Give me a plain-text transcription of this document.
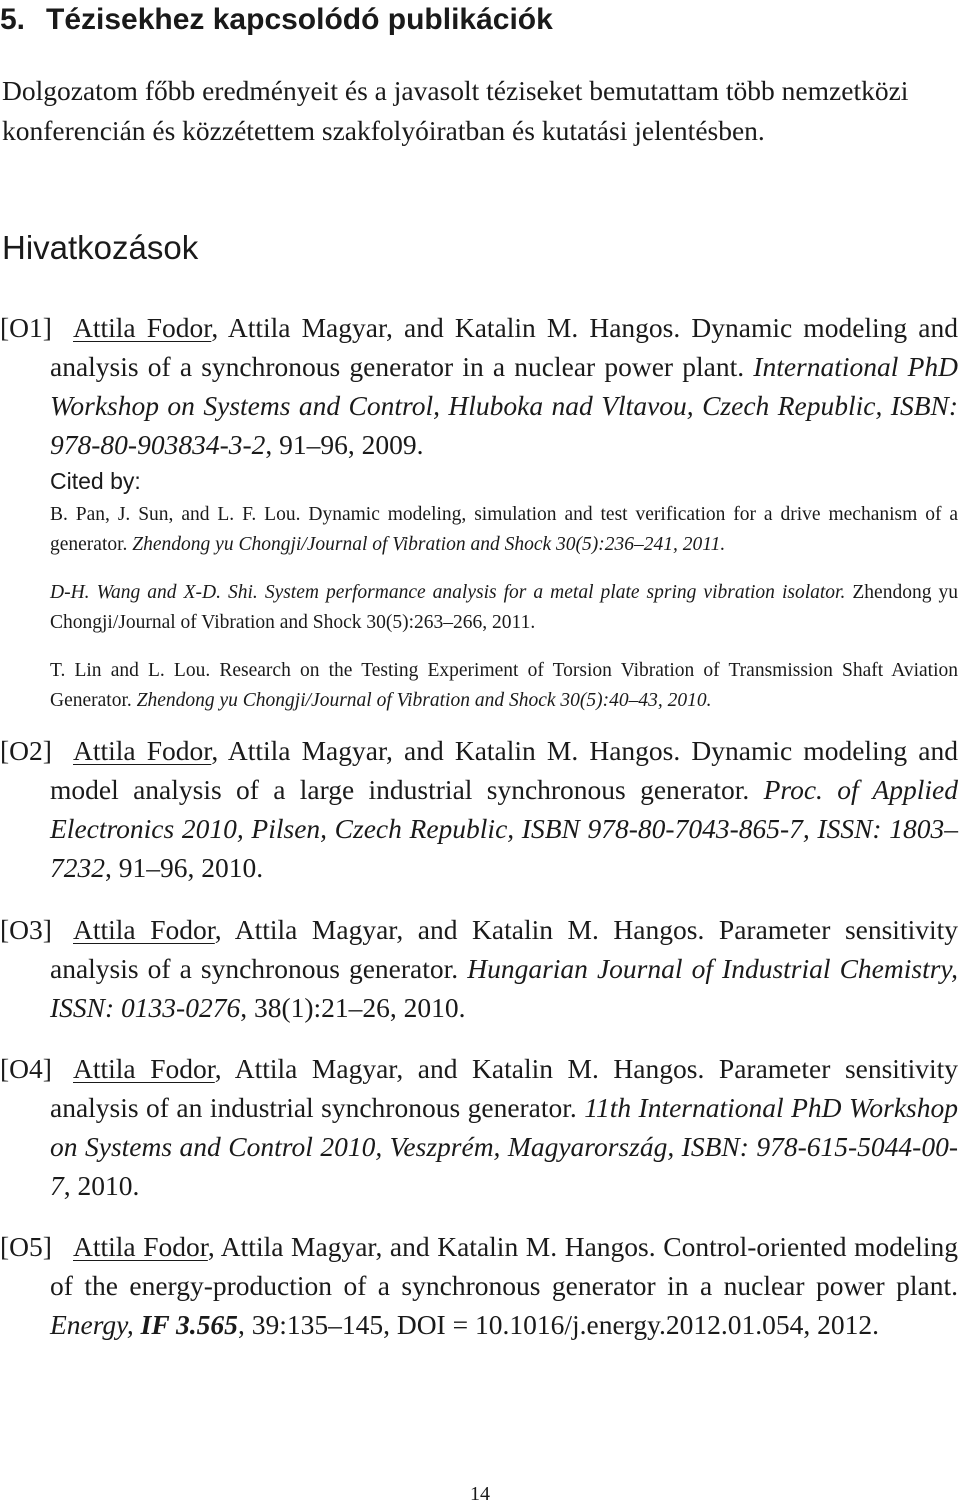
5. Tézisekhez kapcsolódó publikációk

Dolgozatom főbb eredményeit és a javasolt téziseket bemutattam több nemzetközi konferencián és közzétettem szakfolyóiratban és kutatási jelentésben.

Hivatkozások

[O1] Attila Fodor, Attila Magyar, and Katalin M. Hangos. Dynamic modeling and analysis of a synchronous generator in a nuclear power plant. International PhD Workshop on Systems and Control, Hluboka nad Vltavou, Czech Republic, ISBN: 978-80-903834-3-2, 91–96, 2009.

Cited by:

B. Pan, J. Sun, and L. F. Lou. Dynamic modeling, simulation and test verification for a drive mechanism of a generator. Zhendong yu Chongji/Journal of Vibration and Shock 30(5):236–241, 2011.

D-H. Wang and X-D. Shi. System performance analysis for a metal plate spring vibration isolator. Zhendong yu Chongji/Journal of Vibration and Shock 30(5):263–266, 2011.

T. Lin and L. Lou. Research on the Testing Experiment of Torsion Vibration of Transmission Shaft Aviation Generator. Zhendong yu Chongji/Journal of Vibration and Shock 30(5):40–43, 2010.

[O2] Attila Fodor, Attila Magyar, and Katalin M. Hangos. Dynamic modeling and model analysis of a large industrial synchronous generator. Proc. of Applied Electronics 2010, Pilsen, Czech Republic, ISBN 978-80-7043-865-7, ISSN: 1803–7232, 91–96, 2010.

[O3] Attila Fodor, Attila Magyar, and Katalin M. Hangos. Parameter sensitivity analysis of a synchronous generator. Hungarian Journal of Industrial Chemistry, ISSN: 0133-0276, 38(1):21–26, 2010.

[O4] Attila Fodor, Attila Magyar, and Katalin M. Hangos. Parameter sensitivity analysis of an industrial synchronous generator. 11th International PhD Workshop on Systems and Control 2010, Veszprém, Magyarország, ISBN: 978-615-5044-00-7, 2010.

[O5] Attila Fodor, Attila Magyar, and Katalin M. Hangos. Control-oriented modeling of the energy-production of a synchronous generator in a nuclear power plant. Energy, IF 3.565, 39:135–145, DOI = 10.1016/j.energy.2012.01.054, 2012.

14
